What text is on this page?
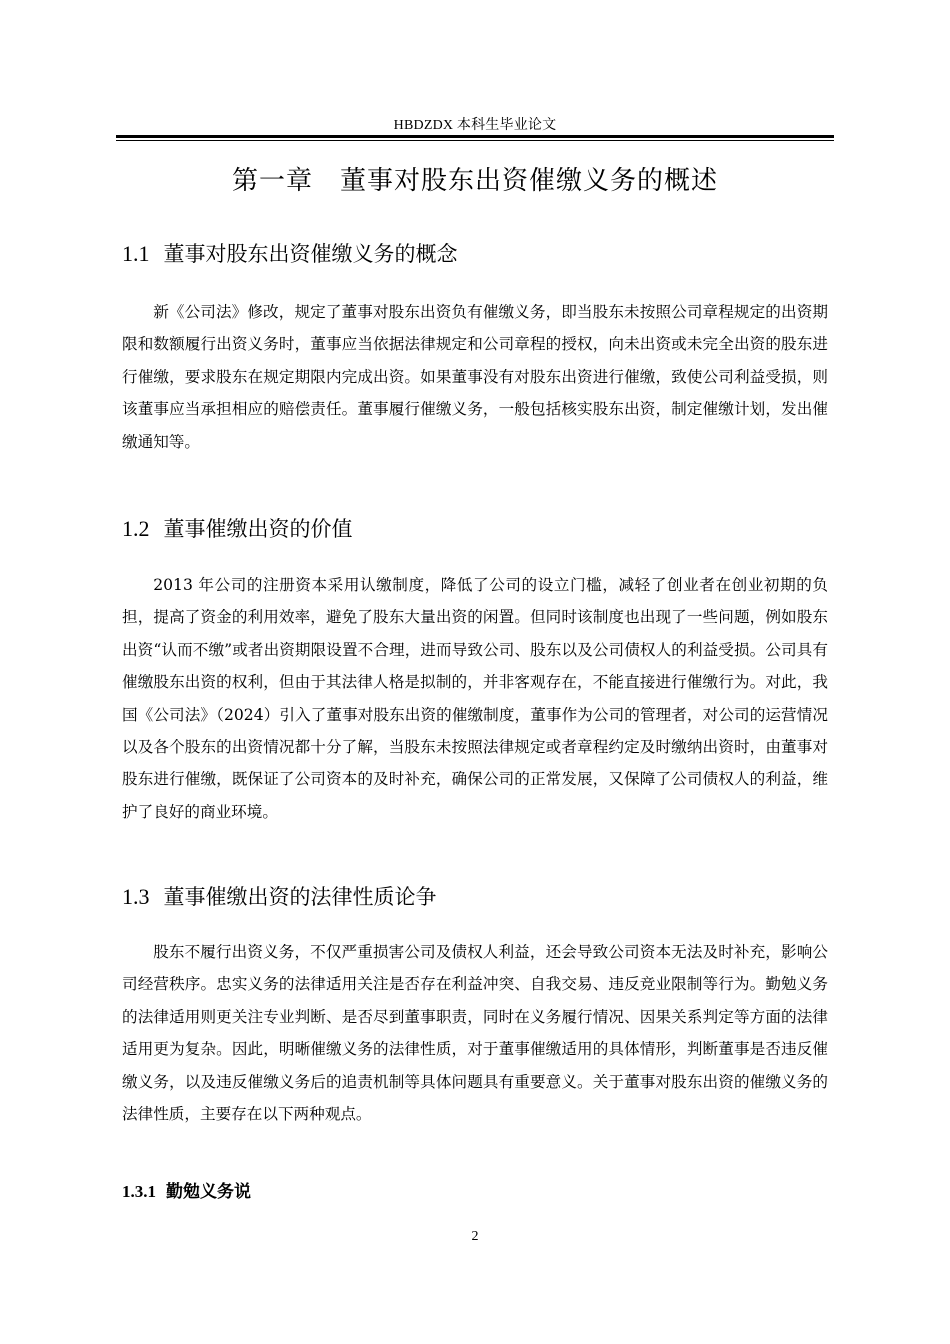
HBDZDX 本科生毕业论文
第一章　董事对股东出资催缴义务的概述
1.1 董事对股东出资催缴义务的概念

新《公司法》修改，规定了董事对股东出资负有催缴义务，即当股东未按照公司章程规定的出资期限和数额履行出资义务时，董事应当依据法律规定和公司章程的授权，向未出资或未完全出资的股东进行催缴，要求股东在规定期限内完成出资。如果董事没有对股东出资进行催缴，致使公司利益受损，则该董事应当承担相应的赔偿责任。董事履行催缴义务，一般包括核实股东出资，制定催缴计划，发出催缴通知等。

1.2 董事催缴出资的价值

2013 年公司的注册资本采用认缴制度，降低了公司的设立门槛，减轻了创业者在创业初期的负担，提高了资金的利用效率，避免了股东大量出资的闲置。但同时该制度也出现了一些问题，例如股东出资“认而不缴”或者出资期限设置不合理，进而导致公司、股东以及公司债权人的利益受损。公司具有催缴股东出资的权利，但由于其法律人格是拟制的，并非客观存在，不能直接进行催缴行为。对此，我国《公司法》（2024）引入了董事对股东出资的催缴制度，董事作为公司的管理者，对公司的运营情况以及各个股东的出资情况都十分了解，当股东未按照法律规定或者章程约定及时缴纳出资时，由董事对股东进行催缴，既保证了公司资本的及时补充，确保公司的正常发展，又保障了公司债权人的利益，维护了良好的商业环境。

1.3 董事催缴出资的法律性质论争

股东不履行出资义务，不仅严重损害公司及债权人利益，还会导致公司资本无法及时补充，影响公司经营秩序。忠实义务的法律适用关注是否存在利益冲突、自我交易、违反竞业限制等行为。勤勉义务的法律适用则更关注专业判断、是否尽到董事职责，同时在义务履行情况、因果关系判定等方面的法律适用更为复杂。因此，明晰催缴义务的法律性质，对于董事催缴适用的具体情形，判断董事是否违反催缴义务，以及违反催缴义务后的追责机制等具体问题具有重要意义。关于董事对股东出资的催缴义务的法律性质，主要存在以下两种观点。

1.3.1 勤勉义务说
2
